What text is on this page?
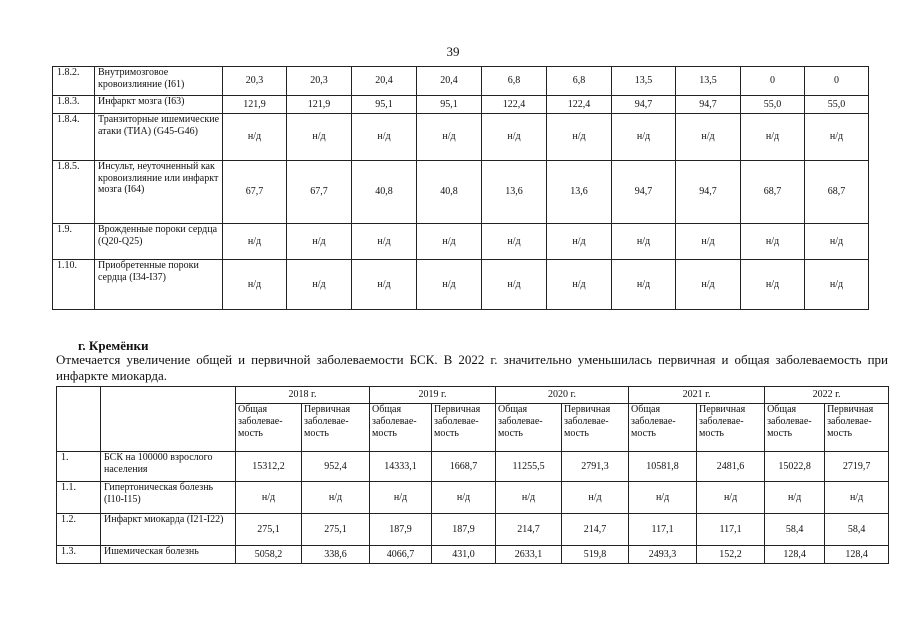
39
1.8.2.	Внутримозговое кровоизлияние (I61)	20,3	20,3	20,4	20,4	6,8	6,8	13,5	13,5	0	0
1.8.3.	Инфаркт мозга (I63)	121,9	121,9	95,1	95,1	122,4	122,4	94,7	94,7	55,0	55,0
1.8.4.	Транзиторные ишемические атаки (ТИА) (G45-G46)	н/д	н/д	н/д	н/д	н/д	н/д	н/д	н/д	н/д	н/д
1.8.5.	Инсульт, неуточненный как кровоизлияние или инфаркт мозга (I64)	67,7	67,7	40,8	40,8	13,6	13,6	94,7	94,7	68,7	68,7
1.9.	Врожденные пороки сердца (Q20-Q25)	н/д	н/д	н/д	н/д	н/д	н/д	н/д	н/д	н/д	н/д
1.10.	Приобретенные пороки сердца (I34-I37)	н/д	н/д	н/д	н/д	н/д	н/д	н/д	н/д	н/д	н/д
г. Кремёнки
Отмечается увеличение общей и первичной заболеваемости БСК. В 2022 г. значительно уменьшилась первичная и общая заболеваемость при инфаркте миокарда.
		2018 г.		2019 г.		2020 г.		2021 г.		2022 г.	
		Общая заболевае-мость	Первичная заболевае-мость	Общая заболевае-мость	Первичная заболевае-мость	Общая заболевае-мость	Первичная заболевае-мость	Общая заболевае-мость	Первичная заболевае-мость	Общая заболевае-мость	Первичная заболевае-мость
1.	БСК на 100000 взрослого населения	15312,2	952,4	14333,1	1668,7	11255,5	2791,3	10581,8	2481,6	15022,8	2719,7
1.1.	Гипертоническая болезнь (I10-I15)	н/д	н/д	н/д	н/д	н/д	н/д	н/д	н/д	н/д	н/д
1.2.	Инфаркт миокарда (I21-I22)	275,1	275,1	187,9	187,9	214,7	214,7	117,1	117,1	58,4	58,4
1.3.	Ишемическая болезнь	5058,2	338,6	4066,7	431,0	2633,1	519,8	2493,3	152,2	128,4	128,4
